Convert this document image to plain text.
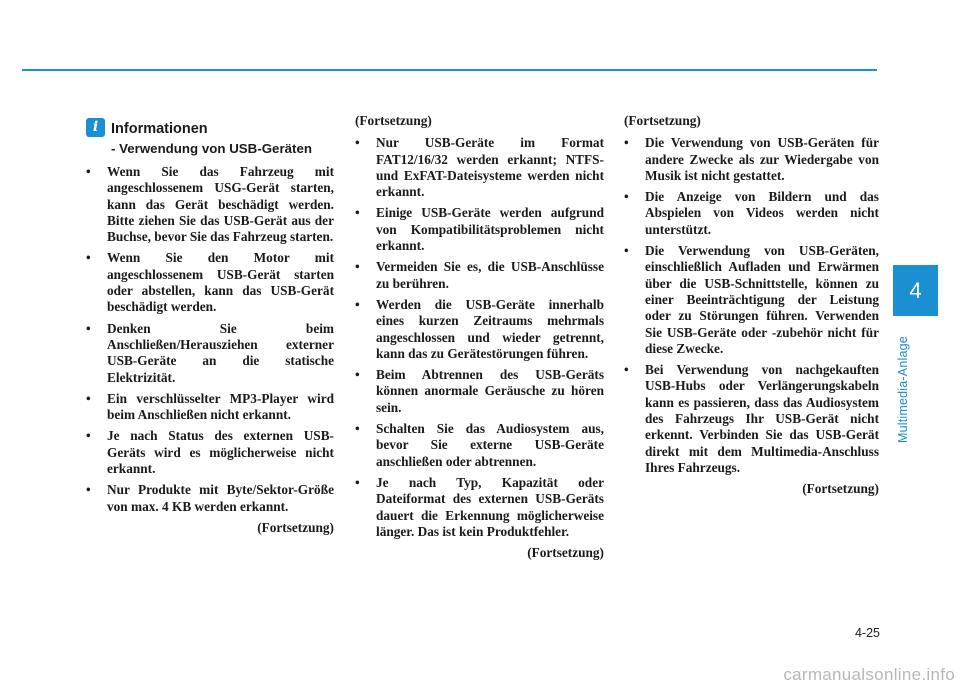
i Informationen
- Verwendung von USB-Geräten
• Wenn Sie das Fahrzeug mit angeschlossenem USG-Gerät starten, kann das Gerät beschädigt werden. Bitte ziehen Sie das USB-Gerät aus der Buchse, bevor Sie das Fahrzeug starten.
• Wenn Sie den Motor mit angeschlossenem USB-Gerät starten oder abstellen, kann das USB-Gerät beschädigt werden.
• Denken Sie beim Anschließen/Herausziehen externer USB-Geräte an die statische Elektrizität.
• Ein verschlüsselter MP3-Player wird beim Anschließen nicht erkannt.
• Je nach Status des externen USB-Geräts wird es möglicherweise nicht erkannt.
• Nur Produkte mit Byte/Sektor-Größe von max. 4 KB werden erkannt.
(Fortsetzung)
(Fortsetzung)
• Nur USB-Geräte im Format FAT12/16/32 werden erkannt; NTFS- und ExFAT-Dateisysteme werden nicht erkannt.
• Einige USB-Geräte werden aufgrund von Kompatibilitätsproblemen nicht erkannt.
• Vermeiden Sie es, die USB-Anschlüsse zu berühren.
• Werden die USB-Geräte innerhalb eines kurzen Zeitraums mehrmals angeschlossen und wieder getrennt, kann das zu Gerätestörungen führen.
• Beim Abtrennen des USB-Geräts können anormale Geräusche zu hören sein.
• Schalten Sie das Audiosystem aus, bevor Sie externe USB-Geräte anschließen oder abtrennen.
• Je nach Typ, Kapazität oder Dateiformat des externen USB-Geräts dauert die Erkennung möglicherweise länger. Das ist kein Produktfehler.
(Fortsetzung)
(Fortsetzung)
• Die Verwendung von USB-Geräten für andere Zwecke als zur Wiedergabe von Musik ist nicht gestattet.
• Die Anzeige von Bildern und das Abspielen von Videos werden nicht unterstützt.
• Die Verwendung von USB-Geräten, einschließlich Aufladen und Erwärmen über die USB-Schnittstelle, können zu einer Beeinträchtigung der Leistung oder zu Störungen führen. Verwenden Sie USB-Geräte oder -zubehör nicht für diese Zwecke.
• Bei Verwendung von nachgekauften USB-Hubs oder Verlängerungskabeln kann es passieren, dass das Audiosystem des Fahrzeugs Ihr USB-Gerät nicht erkennt. Verbinden Sie das USB-Gerät direkt mit dem Multimedia-Anschluss Ihres Fahrzeugs.
(Fortsetzung)
4
Multimedia-Anlage
4-25
carmanualsonline.info
